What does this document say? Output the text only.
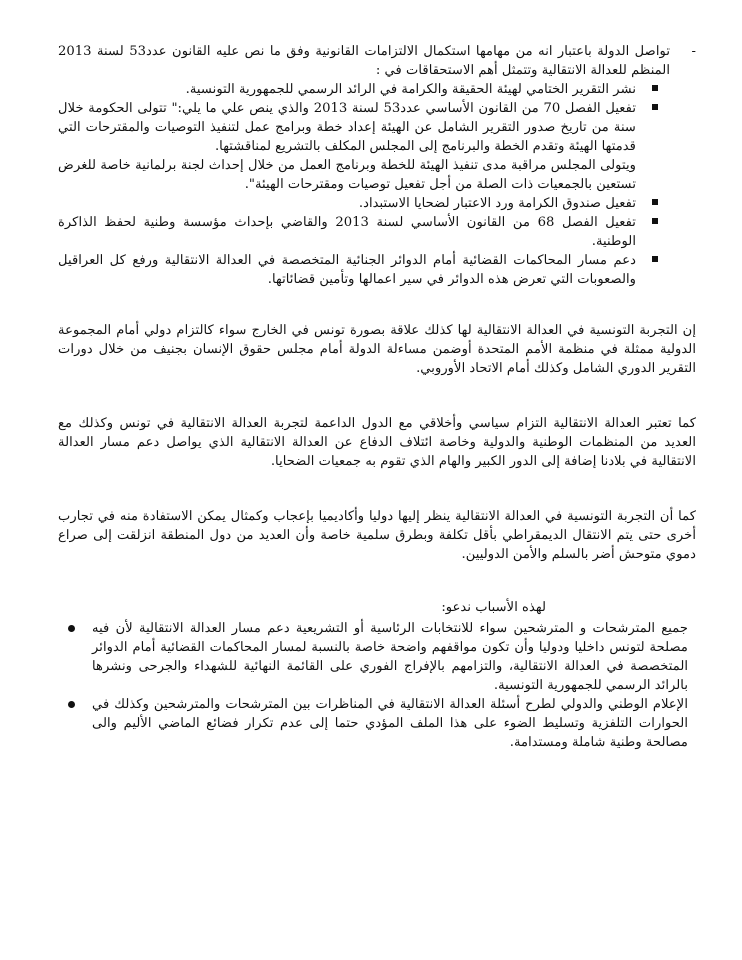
-
تواصل الدولة باعتبار انه من مهامها استكمال الالتزامات القانونية وفق ما نص عليه القانون عدد53 لسنة 2013 المنظم للعدالة الانتقالية وتتمثل أهم الاستحقاقات في :

نشر التقرير الختامي لهيئة الحقيقة والكرامة في الرائد الرسمي للجمهورية التونسية.
تفعيل الفصل 70 من القانون الأساسي عدد53 لسنة 2013 والذي ينص علي ما يلي:" تتولى الحكومة خلال سنة من تاريخ صدور التقرير الشامل عن الهيئة إعداد خطة وبرامج عمل لتنفيذ التوصيات والمقترحات التي قدمتها الهيئة وتقدم الخطة والبرنامج إلى المجلس المكلف بالتشريع لمناقشتها.

ويتولى المجلس مراقبة مدى تنفيذ الهيئة للخطة وبرنامج العمل من خلال إحداث لجنة برلمانية خاصة للغرض تستعين بالجمعيات ذات الصلة من أجل تفعيل توصيات ومقترحات الهيئة".

تفعيل صندوق الكرامة ورد الاعتبار لضحايا الاستبداد.
تفعيل الفصل 68 من القانون الأساسي لسنة 2013 والقاضي بإحداث مؤسسة وطنية لحفظ الذاكرة الوطنية.
دعم مسار المحاكمات القضائية أمام الدوائر الجنائية المتخصصة في العدالة الانتقالية ورفع كل العراقيل والصعوبات التي تعرض هذه الدوائر في سير اعمالها وتأمين قضائاتها.

إن التجربة التونسية في العدالة الانتقالية لها كذلك علاقة بصورة تونس في الخارج سواء كالتزام دولي أمام المجموعة الدولية ممثلة في منظمة الأمم المتحدة أوضمن مساءلة الدولة أمام مجلس حقوق الإنسان بجنيف من خلال دورات التقرير الدوري الشامل وكذلك أمام الاتحاد الأوروبي.

كما تعتبر العدالة الانتقالية التزام سياسي وأخلاقي مع الدول الداعمة لتجربة العدالة الانتقالية في تونس وكذلك مع العديد من المنظمات الوطنية والدولية وخاصة ائتلاف الدفاع عن العدالة الانتقالية الذي يواصل دعم مسار العدالة الانتقالية في بلادنا إضافة إلى الدور الكبير والهام الذي تقوم به جمعيات الضحايا.

كما أن التجربة التونسية في العدالة الانتقالية ينظر إليها دوليا وأكاديميا بإعجاب وكمثال يمكن الاستفادة منه في تجارب أخرى حتى يتم الانتقال الديمقراطي بأقل تكلفة وبطرق سلمية خاصة وأن العديد من دول المنطقة انزلقت إلى صراع دموي متوحش أضر بالسلم والأمن الدوليين.

لهذه الأسباب ندعو:

جميع المترشحات و المترشحين سواء للانتخابات الرئاسية أو التشريعية دعم مسار العدالة الانتقالية لأن فيه مصلحة لتونس داخليا ودوليا وأن تكون مواقفهم واضحة خاصة بالنسبة لمسار المحاكمات القضائية أمام الدوائر المتخصصة في العدالة الانتقالية، والتزامهم بالإفراج الفوري على القائمة النهائية للشهداء والجرحى ونشرها بالرائد الرسمي للجمهورية التونسية.
الإعلام الوطني والدولي لطرح أسئلة العدالة الانتقالية في المناظرات بين المترشحات والمترشحين وكذلك في الحوارات التلفزية وتسليط الضوء على هذا الملف المؤدي حتما إلى عدم تكرار فضائع الماضي الأليم والى مصالحة وطنية شاملة ومستدامة.
